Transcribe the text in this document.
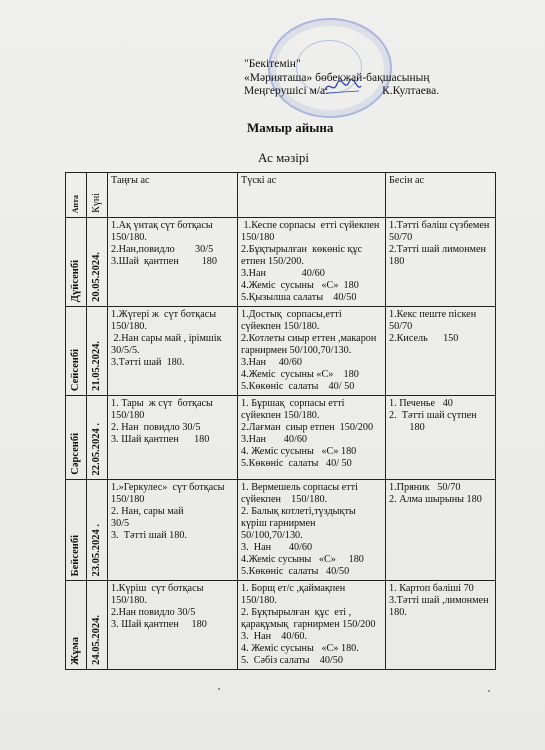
"Бекітемін"
«Мәрияташа» бөбекжай-бақшасының
Меңгерушісі м/а:	К.Култаева.
Мамыр айына
Ас мәзірі
Апта	Күні	Таңғы ас	Түскі ас	Бесін ас

Дүйсенбі	20.05.2024.	1.Ақ үнтақ сүт ботқасы
150/180.
2.Нан,повидло        30/5
3.Шай  қантпен         180	1.Кеспе сорпасы  етті сүйекпен 150/180
2.Бұқтырылған  көкөніс құс етпен 150/200.
3.Нан              40/60
4.Жеміс  сусыны   «С»  180
5.Қызылша салаты    40/50	1.Тәтті бәліш сүзбемен   50/70
2.Тәтті шай лимонмен  180

Сейсенбі	21.05.2024.	1.Жүгері ж  сүт ботқасы 150/180.
2.Нан сары май , ірімшік 30/5/5.
3.Тәтті шай  180.	1.Достық  сорпасы,етті  сүйекпен 150/180.
2.Котлеты сиыр еттен ,макарон гарнирмен 50/100,70/130.
3.Нан     40/60
4.Жеміс  сусыны «С»    180
5.Көкөніс  салаты    40/ 50	1.Кекс пеште піскен 50/70
2.Кисель      150

Сәрсенбі	22.05.2024 .	1. Тары  ж сүт  ботқасы 150/180
2. Нан  повидло 30/5
3. Шай қантпен      180	1. Бұршақ  сорпасы етті сүйекпен 150/180.
2.Лағман  сиыр етпен  150/200
3.Нан       40/60
4. Жеміс сусыны   «С» 180
5.Көкөніс  салаты   40/ 50	1. Печенье   40
2.  Тәтті шай сүтпен
180

Бейсенбі	23.05.2024 .	1.»Геркулес»  сүт ботқасы    150/180
2. Нан, сары май
30/5
3.  Тәтті шай 180.	1. Вермешель сорпасы етті сүйекпен    150/180.
2. Балық котлеті,түздықты күріш гарнирмен      50/100,70/130.
3.  Нан       40/60
4.Жеміс сусыны   «С»     180
5.Көкөніс  салаты   40/50	1.Пряник   50/70
2. Алма шырыны 180

Жұма	24.05.2024.	1.Күріш  сүт ботқасы 150/180.
2.Нан повидло 30/5
3. Шай қантпен     180	1. Борщ ет/с ,қаймақпен  150/180.
2. Бұқтырылған  құс  еті , қарақұмық  гарнирмен 150/200
3.  Нан    40/60.
4. Жеміс сусыны   «С» 180.
5.  Сәбіз салаты    40/50	1. Картоп бәліші 70
3.Тәтті шай ,лимонмен  180.
